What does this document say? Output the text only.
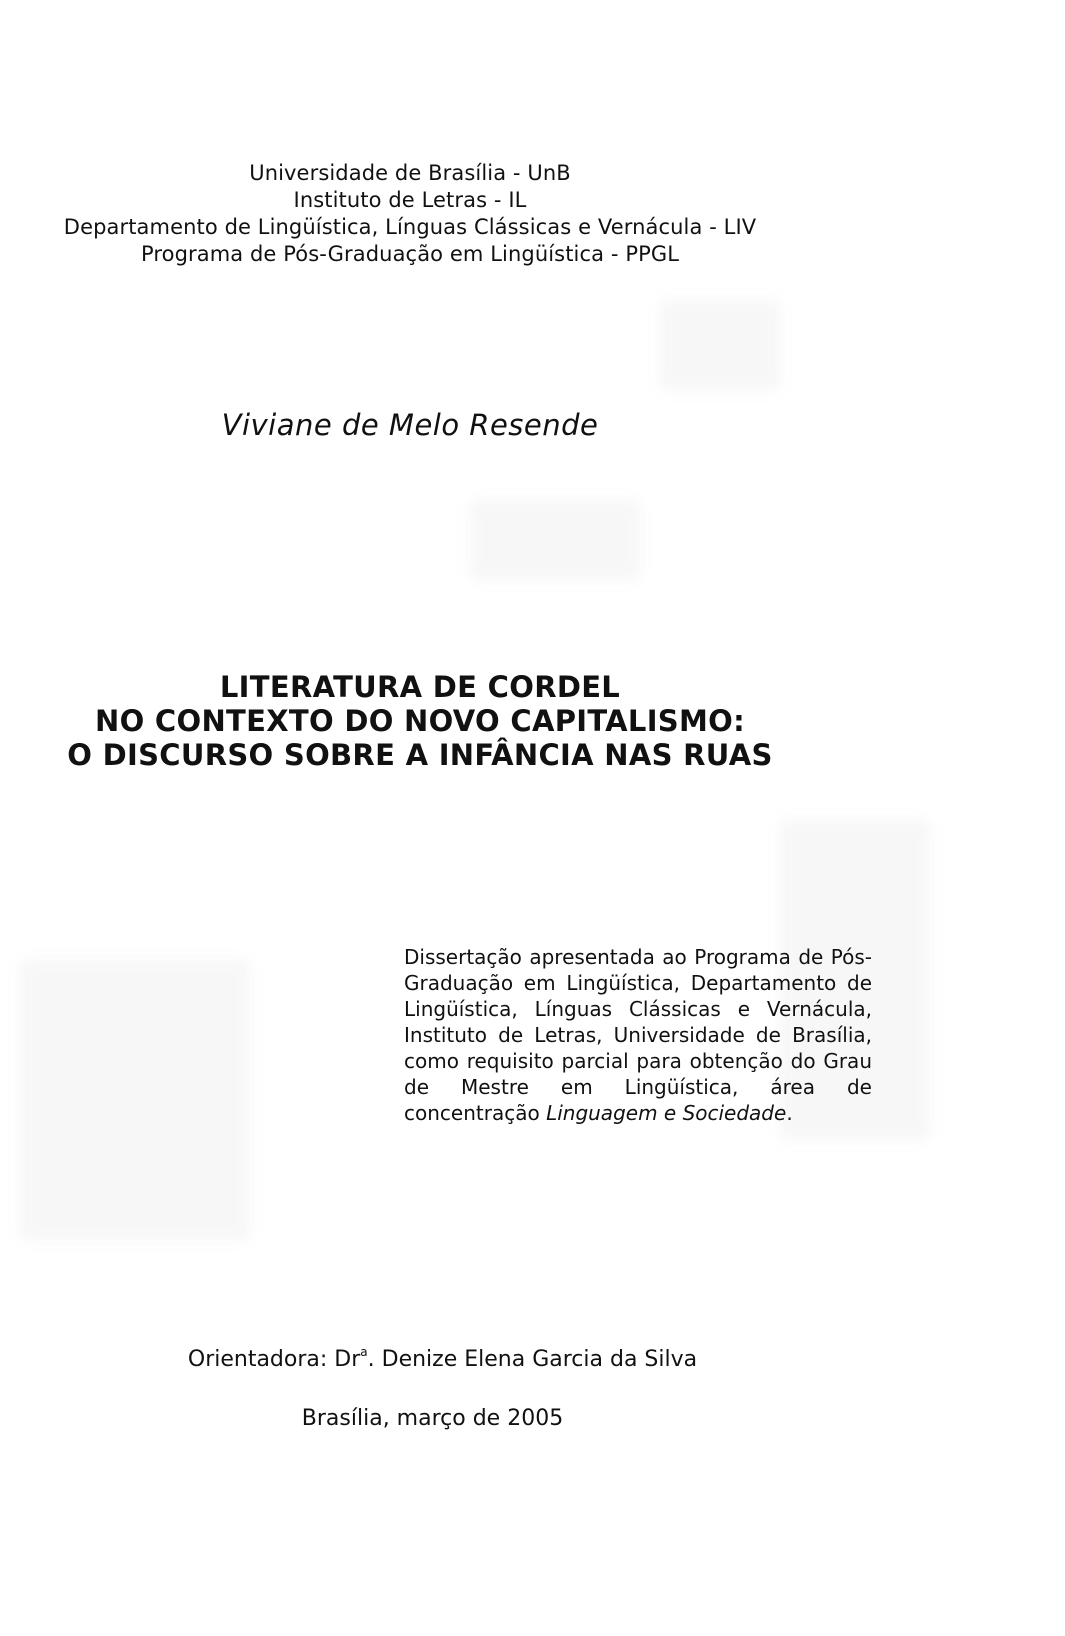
Universidade de Brasília - UnB
Instituto de Letras - IL
Departamento de Lingüística, Línguas Clássicas e Vernácula - LIV
Programa de Pós-Graduação em Lingüística - PPGL
Viviane de Melo Resende
LITERATURA DE CORDEL
NO CONTEXTO DO NOVO CAPITALISMO:
O DISCURSO SOBRE A INFÂNCIA NAS RUAS
Dissertação apresentada ao Programa de Pós-Graduação em Lingüística, Departamento de Lingüística, Línguas Clássicas e Vernácula, Instituto de Letras, Universidade de Brasília, como requisito parcial para obtenção do Grau de Mestre em Lingüística, área de concentração Linguagem e Sociedade.
Orientadora: Dr$^a$. Denize Elena Garcia da Silva
Brasília, março de 2005
